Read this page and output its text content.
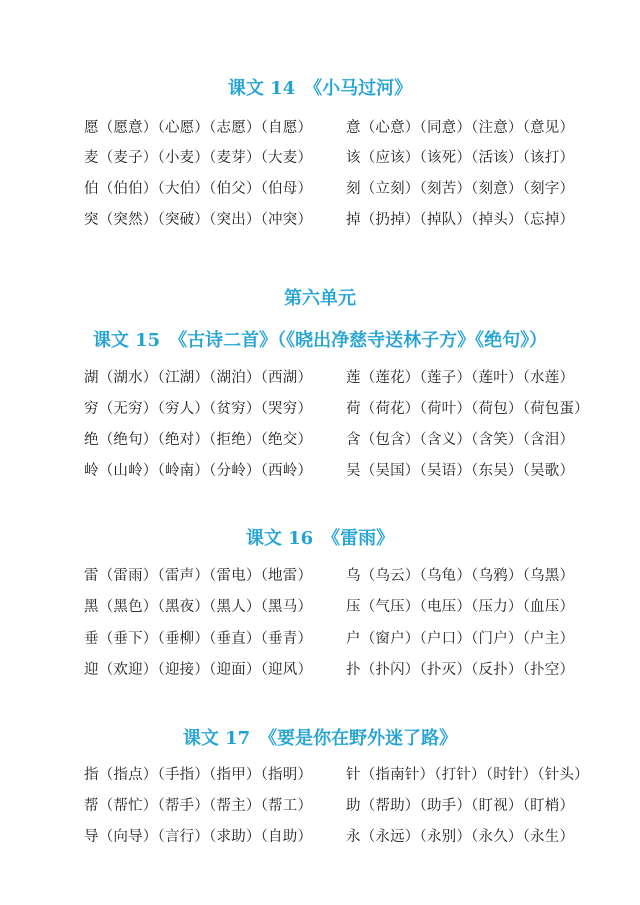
课文 14　《小马过河》
愿（愿意）（心愿）（志愿）（自愿） 意（心意）（同意）（注意）（意见）
麦（麦子）（小麦）（麦芽）（大麦） 该（应该）（该死）（活该）（该打）
伯（伯伯）（大伯）（伯父）（伯母） 刻（立刻）（刻苦）（刻意）（刻字）
突（突然）（突破）（突出）（冲突） 掉（扔掉）（掉队）（掉头）（忘掉）
第六单元
课文 15　《古诗二首》（《晓出净慈寺送林子方》《绝句》）
湖（湖水）（江湖）（湖泊）（西湖） 莲（莲花）（莲子）（莲叶）（水莲）
穷（无穷）（穷人）（贫穷）（哭穷） 荷（荷花）（荷叶）（荷包）（荷包蛋）
绝（绝句）（绝对）（拒绝）（绝交） 含（包含）（含义）（含笑）（含泪）
岭（山岭）（岭南）（分岭）（西岭） 吴（吴国）（吴语）（东吴）（吴歌）
课文 16　《雷雨》
雷（雷雨）（雷声）（雷电）（地雷） 乌（乌云）（乌龟）（乌鸦）（乌黑）
黑（黑色）（黑夜）（黑人）（黑马） 压（气压）（电压）（压力）（血压）
垂（垂下）（垂柳）（垂直）（垂青） 户（窗户）（户口）（门户）（户主）
迎（欢迎）（迎接）（迎面）（迎风） 扑（扑闪）（扑灭）（反扑）（扑空）
课文 17　《要是你在野外迷了路》
指（指点）（手指）（指甲）（指明） 针（指南针）（打针）（时针）（针头）
帮（帮忙）（帮手）（帮主）（帮工） 助（帮助）（助手）（盯视）（盯梢）
导（向导）（言行）（求助）（自助） 永（永远）（永别）（永久）（永生）
